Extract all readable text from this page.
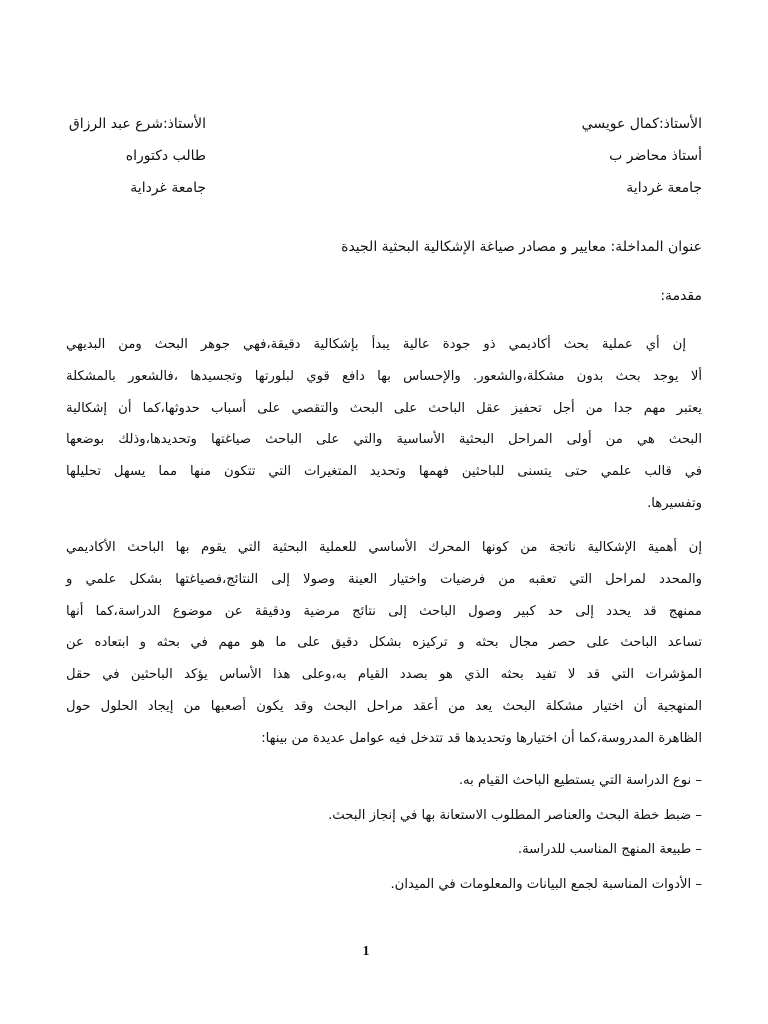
الأستاذ:كمال عويسي
أستاذ محاضر ب
جامعة غرداية
الأستاذ:شرع عبد الرزاق
طالب دكتوراه
جامعة غرداية
عنوان المداخلة: معايير و مصادر صياغة الإشكالية البحثية الجيدة
مقدمة:
إن أي عملية بحث أكاديمي ذو جودة عالية يبدأ بإشكالية دقيقة،فهي جوهر البحث ومن البديهي
ألا يوجد بحث بدون مشكلة،والشعور. والإحساس بها دافع قوي لبلورتها وتجسيدها ،فالشعور بالمشكلة
يعتبر مهم جدا من أجل تحفيز عقل الباحث على البحث والتقصي على أسباب حدوثها،كما أن إشكالية
البحث هي من أولى المراحل البحثية الأساسية والتي على الباحث صياغتها وتحديدها،وذلك بوضعها
في قالب علمي حتى يتسنى للباحثين فهمها وتحديد المتغيرات التي تتكون منها مما يسهل تحليلها
وتفسيرها.
إن أهمية الإشكالية ناتجة من كونها المحرك الأساسي للعملية البحثية التي يقوم بها الباحث الأكاديمي
والمحدد لمراحل التي تعقبه من فرضيات واختيار العينة وصولا إلى النتائج،فصياغتها بشكل علمي و
ممنهج قد يحدد إلى حد كبير وصول الباحث إلى نتائج مرضية ودقيقة عن موضوع الدراسة،كما أنها
تساعد الباحث على حصر مجال بحثه و تركيزه بشكل دقيق على ما هو مهم في بحثه و ابتعاده عن
المؤشرات التي قد لا تفيد بحثه الذي هو بصدد القيام به،وعلى هذا الأساس يؤكد الباحثين في حقل
المنهجية أن اختيار مشكلة البحث يعد من أعقد مراحل البحث وقد يكون أصعبها من إيجاد الحلول حول
الظاهرة المدروسة،كما أن اختيارها وتحديدها قد تتدخل فيه عوامل عديدة من بينها:
– نوع الدراسة التي يستطيع الباحث القيام به.
– ضبط خطة البحث والعناصر المطلوب الاستعانة بها في إنجاز البحث.
– طبيعة المنهج المناسب للدراسة.
– الأدوات المناسبة لجمع البيانات والمعلومات في الميدان.
1
